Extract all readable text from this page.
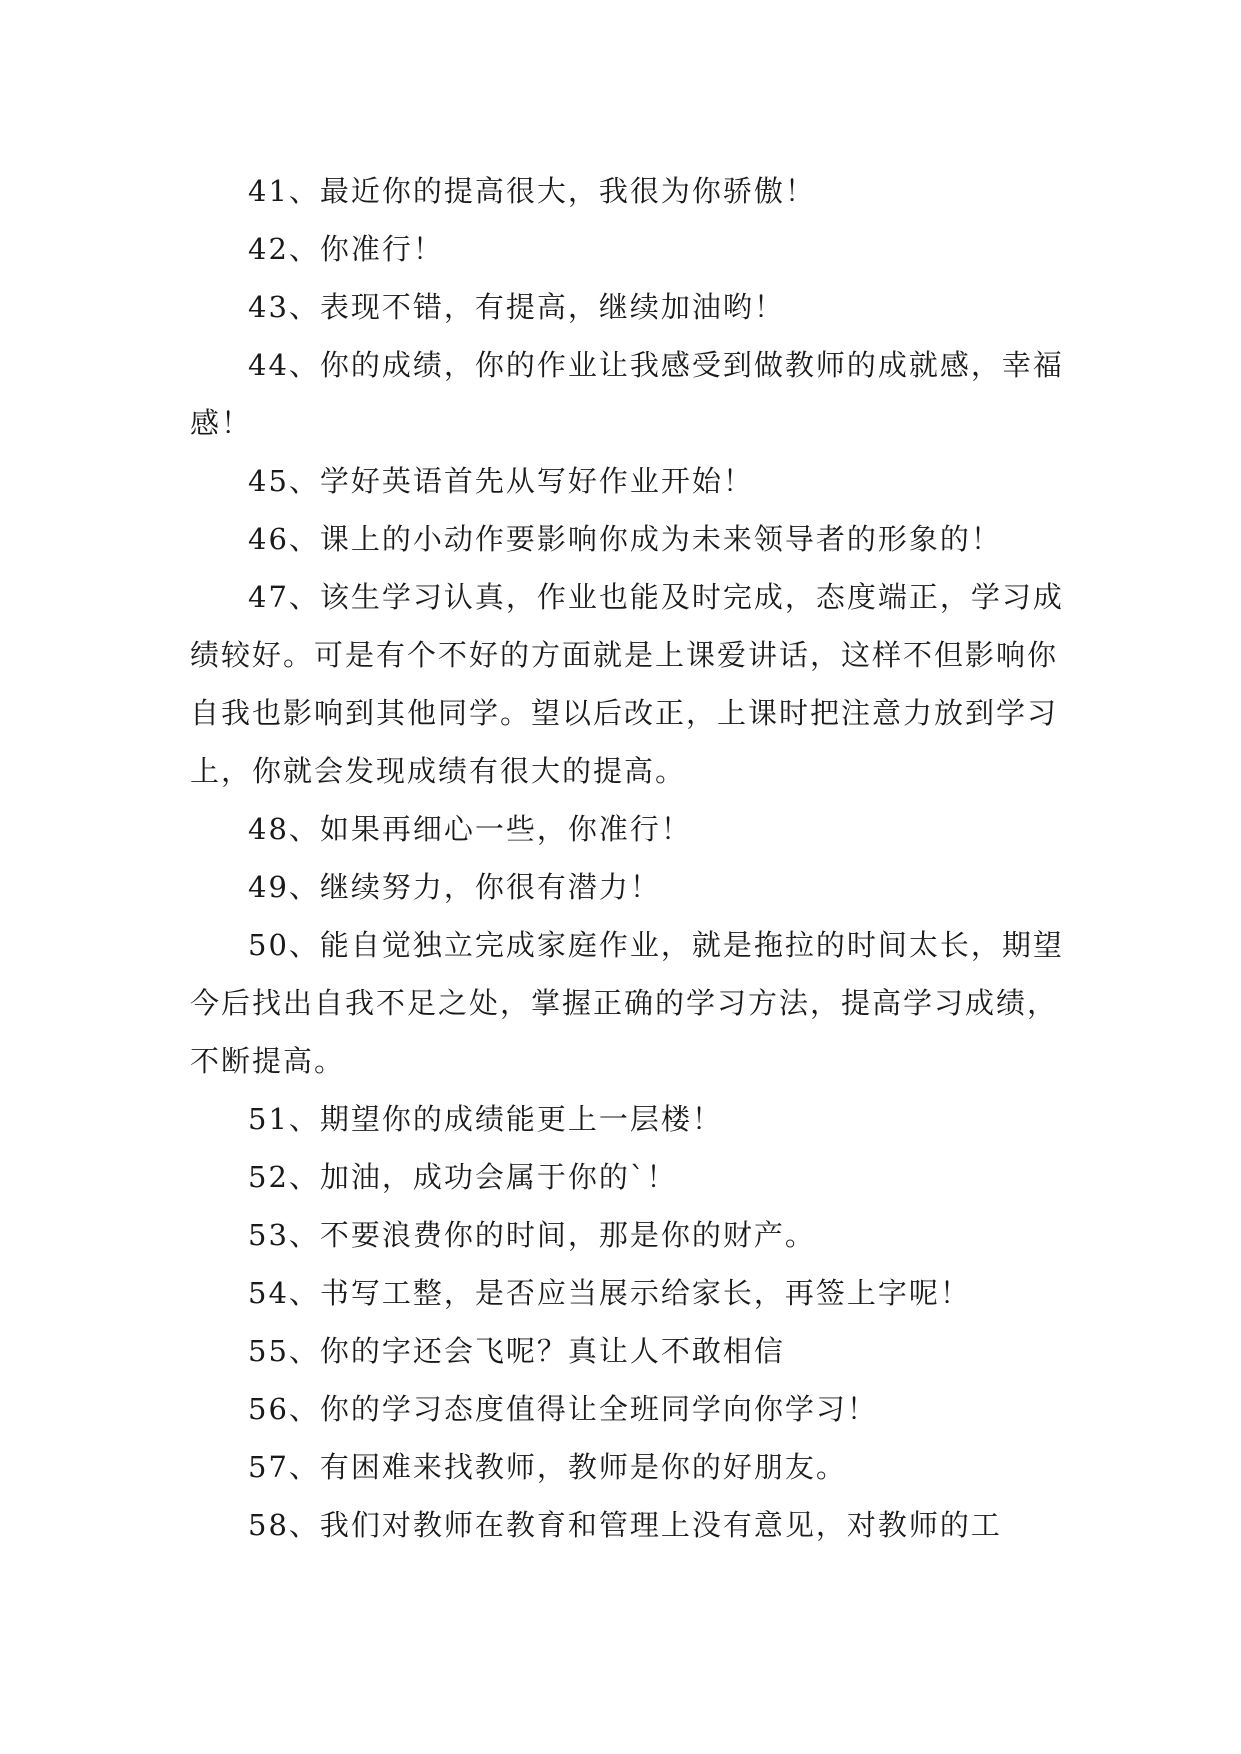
41、最近你的提高很大，我很为你骄傲！

42、你准行！

43、表现不错，有提高，继续加油哟！

44、你的成绩，你的作业让我感受到做教师的成就感，幸福感！

45、学好英语首先从写好作业开始！

46、课上的小动作要影响你成为未来领导者的形象的！

47、该生学习认真，作业也能及时完成，态度端正，学习成绩较好。可是有个不好的方面就是上课爱讲话，这样不但影响你自我也影响到其他同学。望以后改正，上课时把注意力放到学习上，你就会发现成绩有很大的提高。

48、如果再细心一些，你准行！

49、继续努力，你很有潜力！

50、能自觉独立完成家庭作业，就是拖拉的时间太长，期望今后找出自我不足之处，掌握正确的学习方法，提高学习成绩，不断提高。

51、期望你的成绩能更上一层楼！

52、加油，成功会属于你的`！

53、不要浪费你的时间，那是你的财产。

54、书写工整，是否应当展示给家长，再签上字呢！

55、你的字还会飞呢？真让人不敢相信

56、你的学习态度值得让全班同学向你学习！

57、有困难来找教师，教师是你的好朋友。

58、我们对教师在教育和管理上没有意见，对教师的工
